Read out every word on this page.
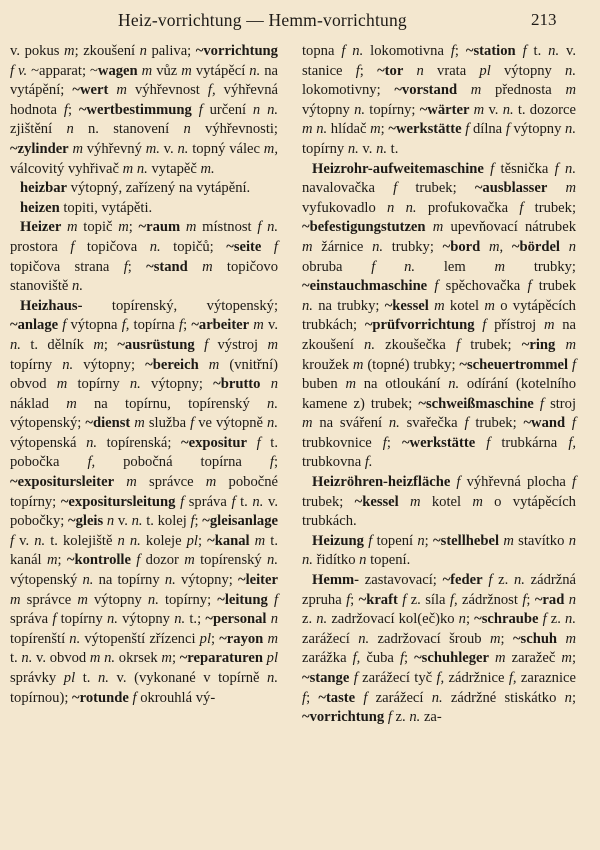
Heiz-vorrichtung — Hemm-vorrichtung	213

v. pokus m; zkoušení n paliva; ~vorrichtung f v. ~apparat; ~wagen m vůz m vytápěcí n. na vytápění; ~wert m výhřevnost f, výhřevná hodnota f; ~wertbestimmung f určení n n. zjištění n n. stanovení n výhřevnosti; ~zylinder m výhřevný m. v. n. topný válec m, válcovitý vyhřivač m n. vytapěč m.

heizbar výtopný, zařízený na vytápění.

heizen topiti, vytápěti.

Heizer m topič m; ~raum m místnost f n. prostora f topičova n. topičů; ~seite f topičova strana f; ~stand m topičovo stanoviště n.

Heizhaus- topírenský, výtopenský; ~anlage f výtopna f, topírna f; ~arbeiter m v. n. t. dělník m; ~ausrüstung f výstroj m topírny n. výtopny; ~bereich m (vnitřní) obvod m topírny n. výtopny; ~brutto n náklad m na topírnu, topírenský n. výtopenský; ~dienst m služba f ve výtopně n. výtopenská n. topírenská; ~expositur f t. pobočka f, pobočná topírna f; ~expositursleiter m správce m pobočné topírny; ~expositursleitung f správa f t. n. v. pobočky; ~gleis n v. n. t. kolej f; ~gleisanlage f v. n. t. kolejiště n n. koleje pl; ~kanal m t. kanál m; ~kontrolle f dozor m topírenský n. výtopenský n. na topírny n. výtopny; ~leiter m správce m výtopny n. topírny; ~leitung f správa f topírny n. výtopny n. t.; ~personal n topírenští n. výtopenští zřízenci pl; ~rayon m t. n. v. obvod m n. okrsek m; ~reparaturen pl správky pl t. n. v. (vykonané v topírně n. topírnou); ~rotunde f okrouhlá vý-

topna f n. lokomotivna f; ~station f t. n. v. stanice f; ~tor n vrata pl výtopny n. lokomotivny; ~vorstand m přednosta m výtopny n. topírny; ~wärter m v. n. t. dozorce m n. hlídač m; ~werkstätte f dílna f výtopny n. topírny n. v. n. t.

Heizrohr-aufweitemaschine f těsnička f n. navalovačka f trubek; ~ausblasser m vyfukovadlo n n. profukovačka f trubek; ~befestigungstutzen m upevňovací nátrubek m žárnice n. trubky; ~bord m, ~bördel n obruba f n. lem m trubky; ~einstauchmaschine f spěchovačka f trubek n. na trubky; ~kessel m kotel m o vytápěcích trubkách; ~prüfvorrichtung f přístroj m na zkoušení n. zkoušečka f trubek; ~ring m kroužek m (topné) trubky; ~scheuertrommel f buben m na otloukání n. odírání (kotelního kamene z) trubek; ~schweißmaschine f stroj m na sváření n. svařečka f trubek; ~wand f trubkovnice f; ~werkstätte f trubkárna f, trubkovna f.

Heizröhren-heizfläche f výhřevná plocha f trubek; ~kessel m kotel m o vytápěcích trubkách.

Heizung f topení n; ~stellhebel m stavítko n n. řidítko n topení.

Hemm- zastavovací; ~feder f z. n. zádržná zpruha f; ~kraft f z. síla f, zádržnost f; ~rad n z. n. zadržovací kol(eč)ko n; ~schraube f z. n. zarážecí n. zadržovací šroub m; ~schuh m zarážka f, čuba f; ~schuhleger m zaražeč m; ~stange f zarážecí tyč f, zádržnice f, zaraznice f; ~taste f zarážecí n. zádržné stiskátko n; ~vorrichtung f z. n. za-
